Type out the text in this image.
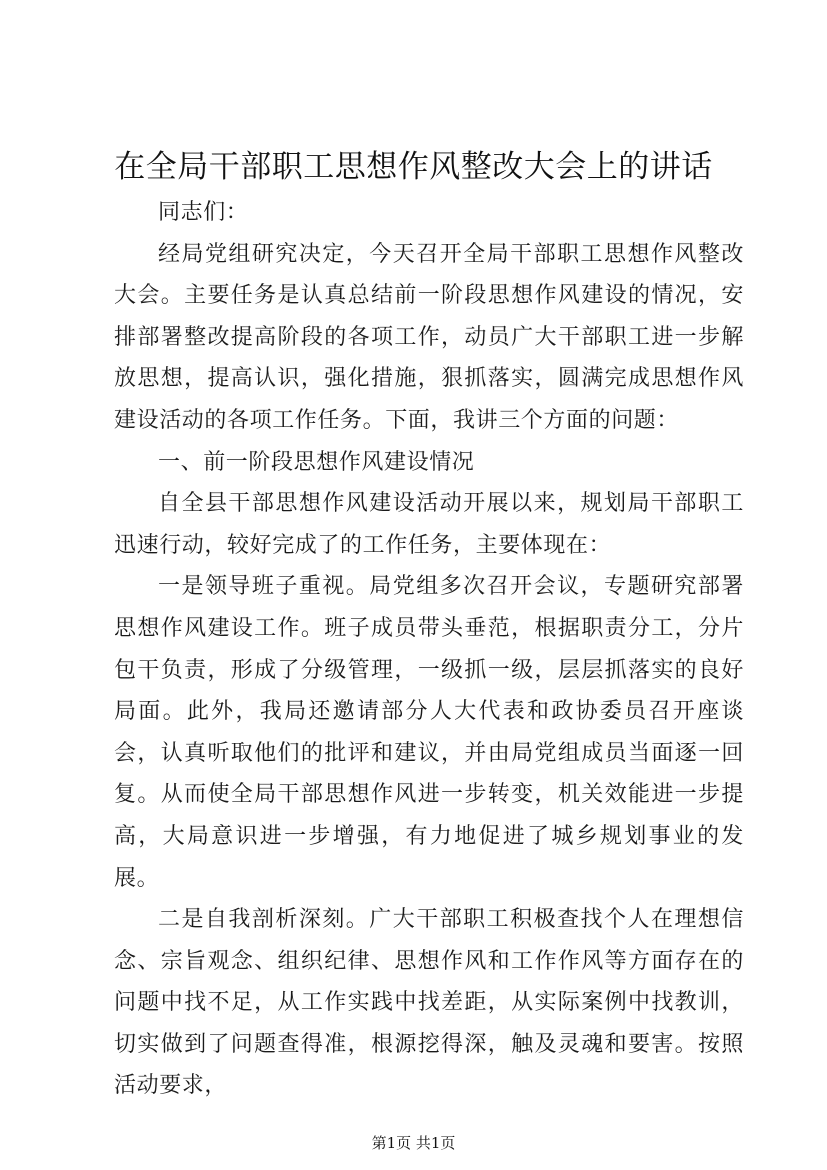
在全局干部职工思想作风整改大会上的讲话

同志们：

经局党组研究决定，今天召开全局干部职工思想作风整改大会。主要任务是认真总结前一阶段思想作风建设的情况，安排部署整改提高阶段的各项工作，动员广大干部职工进一步解放思想，提高认识，强化措施，狠抓落实，圆满完成思想作风建设活动的各项工作任务。下面，我讲三个方面的问题：

一、前一阶段思想作风建设情况

自全县干部思想作风建设活动开展以来，规划局干部职工迅速行动，较好完成了的工作任务，主要体现在：

一是领导班子重视。局党组多次召开会议，专题研究部署思想作风建设工作。班子成员带头垂范，根据职责分工，分片包干负责，形成了分级管理，一级抓一级，层层抓落实的良好局面。此外，我局还邀请部分人大代表和政协委员召开座谈会，认真听取他们的批评和建议，并由局党组成员当面逐一回复。从而使全局干部思想作风进一步转变，机关效能进一步提高，大局意识进一步增强，有力地促进了城乡规划事业的发展。

二是自我剖析深刻。广大干部职工积极查找个人在理想信念、宗旨观念、组织纪律、思想作风和工作作风等方面存在的问题中找不足，从工作实践中找差距，从实际案例中找教训，切实做到了问题查得准，根源挖得深，触及灵魂和要害。按照活动要求，

第1页 共1页
